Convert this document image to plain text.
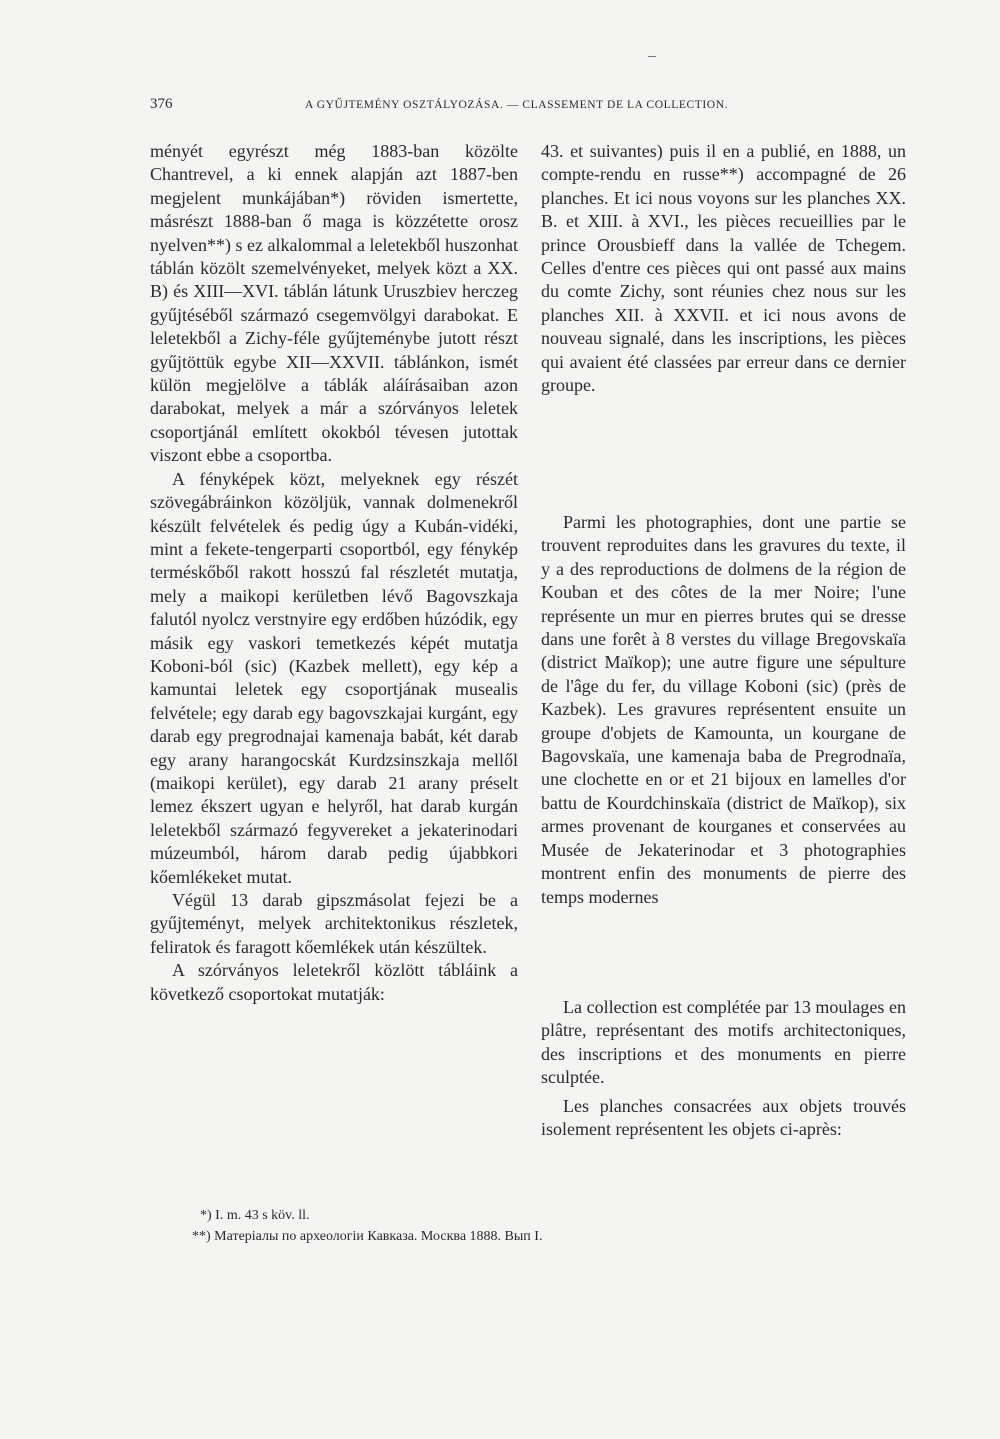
376	A GYŰJTEMÉNY OSZTÁLYOZÁSA. — CLASSEMENT DE LA COLLECTION.

ményét egyrészt még 1883-ban közölte Chantrevel, a ki ennek alapján azt 1887-ben megjelent munkájában*) röviden ismertette, másrészt 1888-ban ő maga is közzétette orosz nyelven**) s ez alkalommal a leletekből huszonhat táblán közölt szemelvényeket, melyek közt a XX. B) és XIII—XVI. táblán látunk Uruszbiev herczeg gyűjtéséből származó csegemvölgyi darabokat. E leletekből a Zichy-féle gyűjteménybe jutott részt gyűjtöttük egybe XII—XXVII. táblánkon, ismét külön megjelölve a táblák aláírásaiban azon darabokat, melyek a már a szórványos leletek csoportjánál említett okokból tévesen jutottak viszont ebbe a csoportba.

A fényképek közt, melyeknek egy részét szövegábráinkon közöljük, vannak dolmenekről készült felvételek és pedig úgy a Kubán-vidéki, mint a fekete-tengerparti csoportból, egy fénykép terméskőből rakott hosszú fal részletét mutatja, mely a maikopi kerületben lévő Bagovszkaja falutól nyolcz verstnyire egy erdőben húzódik, egy másik egy vaskori temetkezés képét mutatja Koboni-ból (sic) (Kazbek mellett), egy kép a kamuntai leletek egy csoportjának musealis felvétele; egy darab egy bagovszkajai kurgánt, egy darab egy pregrodnajai kamenaja babát, két darab egy arany harangocskát Kurdzsinszkaja mellől (maikopi kerület), egy darab 21 arany préselt lemez ékszert ugyan e helyről, hat darab kurgán leletekből származó fegyvereket a jekaterinodari múzeumból, három darab pedig újabbkori kőemlékeket mutat.

Végül 13 darab gipszmásolat fejezi be a gyűjteményt, melyek architektonikus részletek, feliratok és faragott kőemlékek után készültek.

A szórványos leletekről közlött tábláink a következő csoportokat mutatják:

43. et suivantes) puis il en a publié, en 1888, un compte-rendu en russe**) accompagné de 26 planches. Et ici nous voyons sur les planches XX. B. et XIII. à XVI., les pièces recueillies par le prince Orousbieff dans la vallée de Tchegem. Celles d'entre ces pièces qui ont passé aux mains du comte Zichy, sont réunies chez nous sur les planches XII. à XXVII. et ici nous avons de nouveau signalé, dans les inscriptions, les pièces qui avaient été classées par erreur dans ce dernier groupe.

Parmi les photographies, dont une partie se trouvent reproduites dans les gravures du texte, il y a des reproductions de dolmens de la région de Kouban et des côtes de la mer Noire; l'une représente un mur en pierres brutes qui se dresse dans une forêt à 8 verstes du village Bregovskaïa (district Maïkop); une autre figure une sépulture de l'âge du fer, du village Koboni (sic) (près de Kazbek). Les gravures représentent ensuite un groupe d'objets de Kamounta, un kourgane de Bagovskaïa, une kamenaja baba de Pregrodnaïa, une clochette en or et 21 bijoux en lamelles d'or battu de Kourdchinskaïa (district de Maïkop), six armes provenant de kourganes et conservées au Musée de Jekaterinodar et 3 photographies montrent enfin des monuments de pierre des temps modernes

La collection est complétée par 13 moulages en plâtre, représentant des motifs architectoniques, des inscriptions et des monuments en pierre sculptée.

Les planches consacrées aux objets trouvés isolement représentent les objets ci-après:

*) I. m. 43 s köv. ll.

**) Матеріалы по археологіи Кавказа. Москва 1888. Вып I.
